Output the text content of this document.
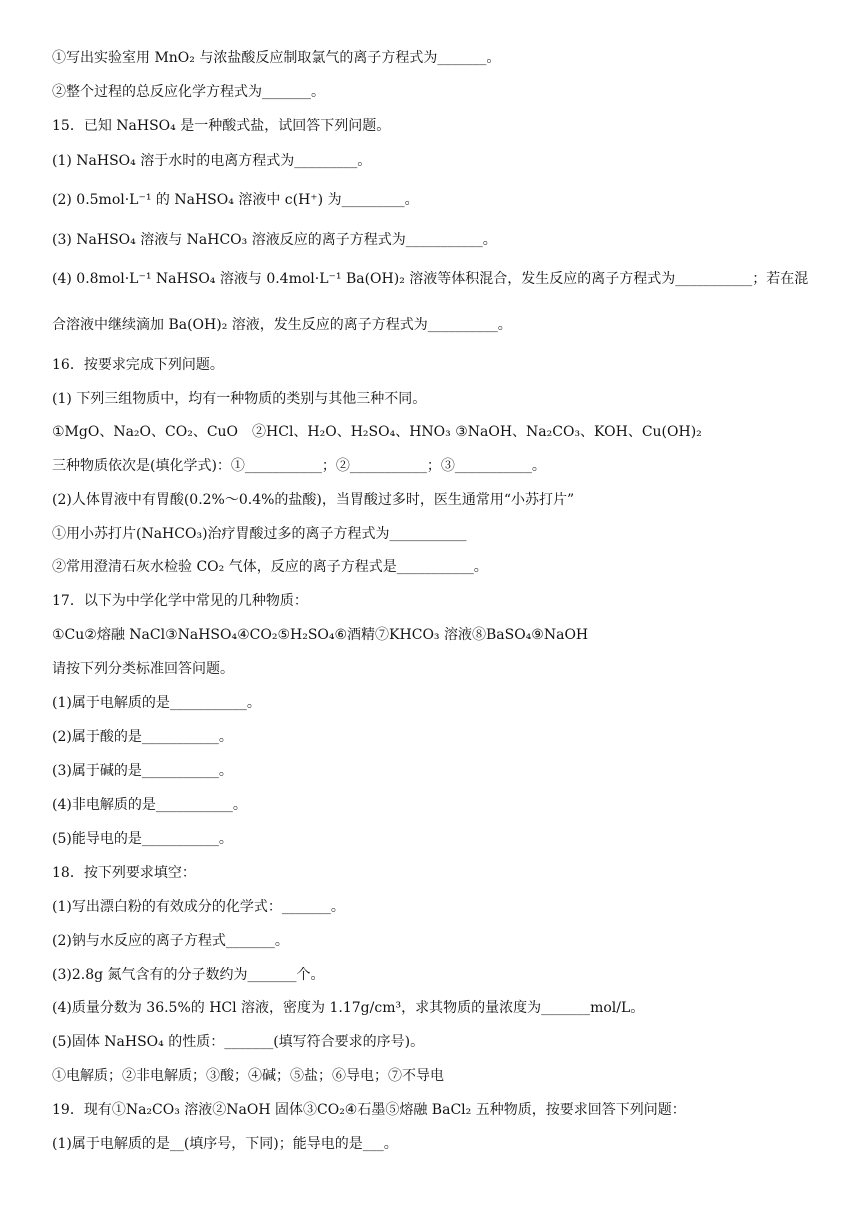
①写出实验室用 MnO₂ 与浓盐酸反应制取氯气的离子方程式为_______。
②整个过程的总反应化学方程式为_______。
15．已知 NaHSO₄ 是一种酸式盐，试回答下列问题。
(1) NaHSO₄ 溶于水时的电离方程式为_________。
(2) 0.5mol·L⁻¹ 的 NaHSO₄ 溶液中 c(H⁺) 为_________。
(3) NaHSO₄ 溶液与 NaHCO₃ 溶液反应的离子方程式为___________。
(4) 0.8mol·L⁻¹ NaHSO₄ 溶液与 0.4mol·L⁻¹ Ba(OH)₂ 溶液等体积混合，发生反应的离子方程式为___________；若在混
合溶液中继续滴加 Ba(OH)₂ 溶液，发生反应的离子方程式为__________。
16．按要求完成下列问题。
(1) 下列三组物质中，均有一种物质的类别与其他三种不同。
①MgO、Na₂O、CO₂、CuO　②HCl、H₂O、H₂SO₄、HNO₃ ③NaOH、Na₂CO₃、KOH、Cu(OH)₂
三种物质依次是(填化学式)：①___________；②___________；③___________。
(2)人体胃液中有胃酸(0.2%～0.4%的盐酸)，当胃酸过多时，医生通常用“小苏打片”
①用小苏打片(NaHCO₃)治疗胃酸过多的离子方程式为___________
②常用澄清石灰水检验 CO₂ 气体，反应的离子方程式是___________。
17．以下为中学化学中常见的几种物质：
①Cu②熔融 NaCl③NaHSO₄④CO₂⑤H₂SO₄⑥酒精⑦KHCO₃ 溶液⑧BaSO₄⑨NaOH
请按下列分类标准回答问题。
(1)属于电解质的是___________。
(2)属于酸的是___________。
(3)属于碱的是___________。
(4)非电解质的是___________。
(5)能导电的是___________。
18．按下列要求填空：
(1)写出漂白粉的有效成分的化学式：_______。
(2)钠与水反应的离子方程式_______。
(3)2.8g 氮气含有的分子数约为_______个。
(4)质量分数为 36.5%的 HCl 溶液，密度为 1.17g/cm³，求其物质的量浓度为_______mol/L。
(5)固体 NaHSO₄ 的性质：_______(填写符合要求的序号)。
①电解质；②非电解质；③酸；④碱；⑤盐；⑥导电；⑦不导电
19．现有①Na₂CO₃ 溶液②NaOH 固体③CO₂④石墨⑤熔融 BaCl₂ 五种物质，按要求回答下列问题：
(1)属于电解质的是__(填序号，下同)；能导电的是___。
